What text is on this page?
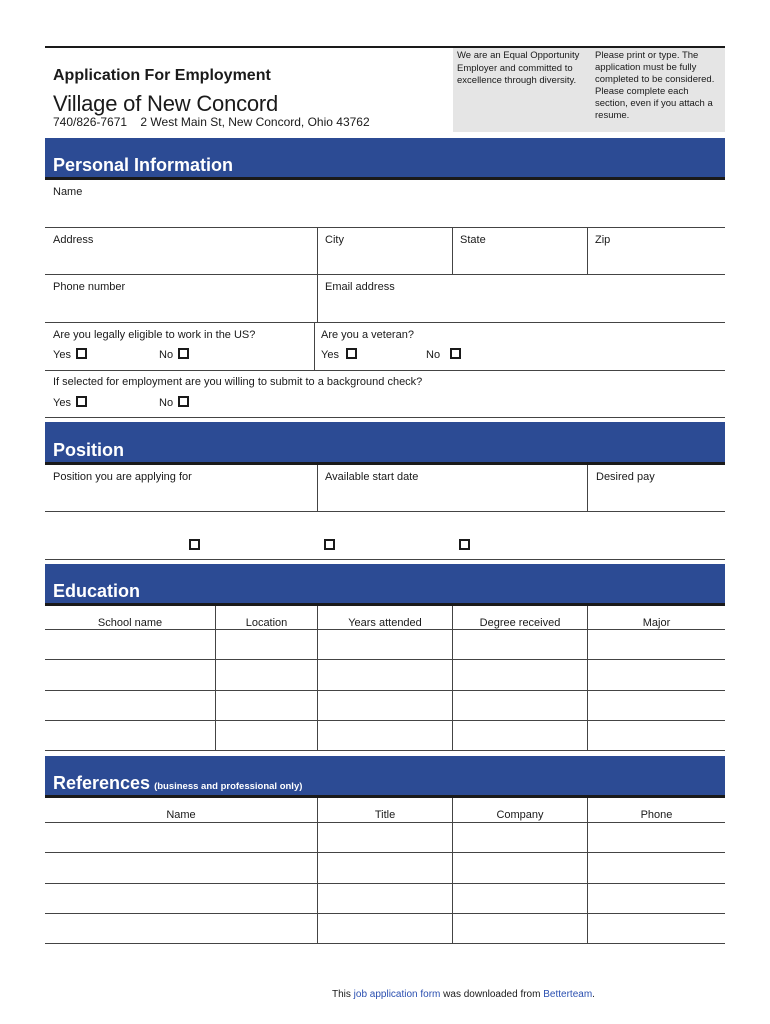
Application For Employment
Village of New Concord
740/826-7671 2 West Main St, New Concord, Ohio 43762
We are an Equal Opportunity Employer and committed to excellence through diversity.
Please print or type. The application must be fully completed to be considered. Please complete each section, even if you attach a resume.
Personal Information
Name
Address	City	State	Zip
Phone number	Email address
Are you legally eligible to work in the US?	Are you a veteran?
Yes	No	Yes	No
If selected for employment are you willing to submit to a background check?
Yes	No
Position
Position you are applying for	Available start date	Desired pay
Education
School name	Location	Years attended	Degree received	Major
References (business and professional only)
Name	Title	Company	Phone
This job application form was downloaded from Betterteam.
